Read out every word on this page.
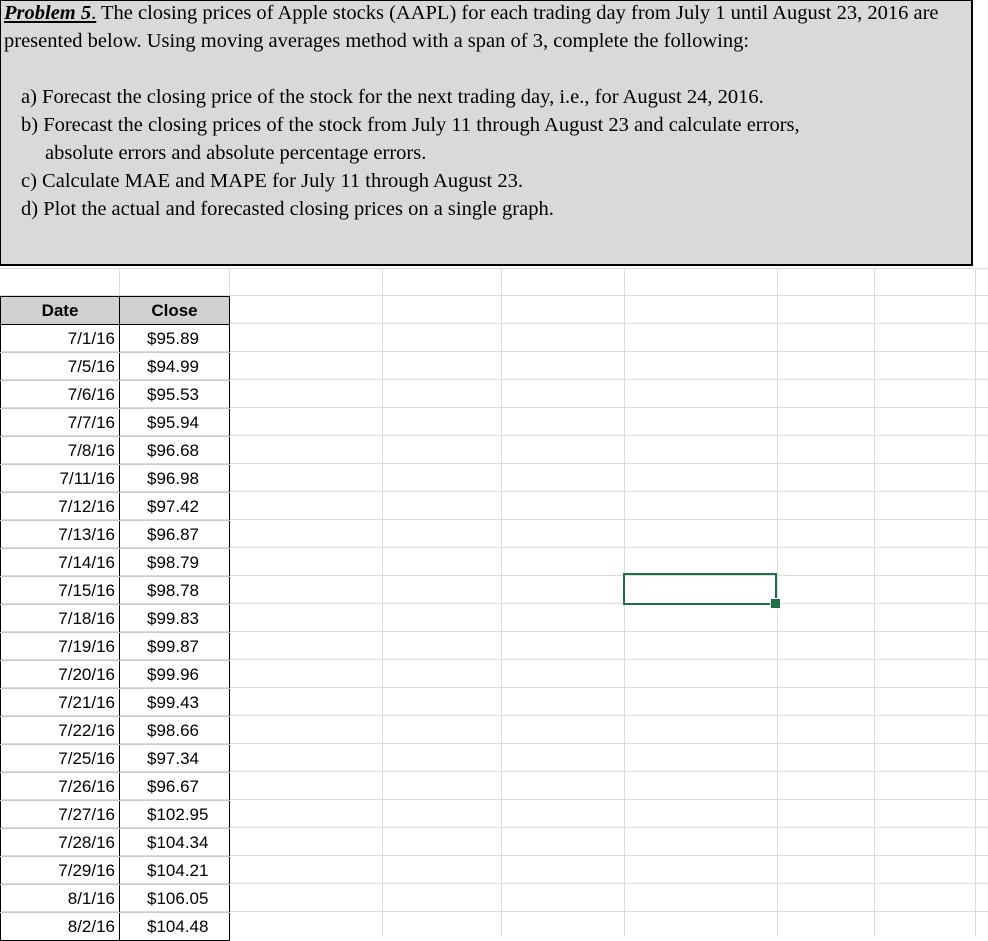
Problem 5. The closing prices of Apple stocks (AAPL) for each trading day from July 1 until August 23, 2016 are presented below. Using moving averages method with a span of 3, complete the following:
a) Forecast the closing price of the stock for the next trading day, i.e., for August 24, 2016.
b) Forecast the closing prices of the stock from July 11 through August 23 and calculate errors,
absolute errors and absolute percentage errors.
c) Calculate MAE and MAPE for July 11 through August 23.
d) Plot the actual and forecasted closing prices on a single graph.
Date	Close
7/1/16	$95.89
7/5/16	$94.99
7/6/16	$95.53
7/7/16	$95.94
7/8/16	$96.68
7/11/16	$96.98
7/12/16	$97.42
7/13/16	$96.87
7/14/16	$98.79
7/15/16	$98.78
7/18/16	$99.83
7/19/16	$99.87
7/20/16	$99.96
7/21/16	$99.43
7/22/16	$98.66
7/25/16	$97.34
7/26/16	$96.67
7/27/16	$102.95
7/28/16	$104.34
7/29/16	$104.21
8/1/16	$106.05
8/2/16	$104.48
